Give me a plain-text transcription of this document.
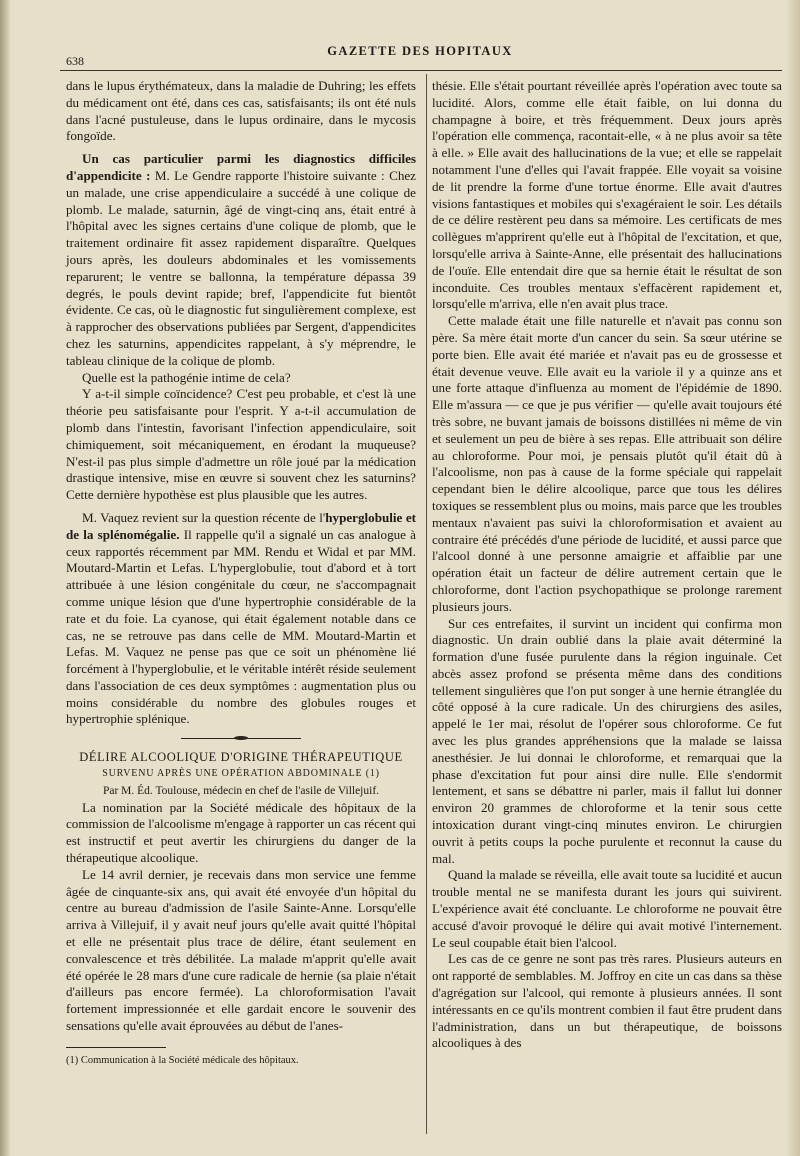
638
GAZETTE DES HOPITAUX

dans le lupus érythémateux, dans la maladie de Duhring; les effets du médicament ont été, dans ces cas, satisfaisants; ils ont été nuls dans l'acné pustuleuse, dans le lupus ordinaire, dans le mycosis fongoïde.

Un cas particulier parmi les diagnostics difficiles d'appendicite : M. Le Gendre rapporte l'histoire suivante : Chez un malade, une crise appendiculaire a succédé à une colique de plomb. Le malade, saturnin, âgé de vingt-cinq ans, était entré à l'hôpital avec les signes certains d'une colique de plomb, que le traitement ordinaire fit assez rapidement disparaître. Quelques jours après, les douleurs abdominales et les vomissements reparurent; le ventre se ballonna, la température dépassa 39 degrés, le pouls devint rapide; bref, l'appendicite fut bientôt évidente. Ce cas, où le diagnostic fut singulièrement complexe, est à rapprocher des observations publiées par Sergent, d'appendicites chez les saturnins, appendicites rappelant, à s'y méprendre, le tableau clinique de la colique de plomb.

Quelle est la pathogénie intime de cela?

Y a-t-il simple coïncidence? C'est peu probable, et c'est là une théorie peu satisfaisante pour l'esprit. Y a-t-il accumulation de plomb dans l'intestin, favorisant l'infection appendiculaire, soit chimiquement, soit mécaniquement, en érodant la muqueuse? N'est-il pas plus simple d'admettre un rôle joué par la médication drastique intensive, mise en œuvre si souvent chez les saturnins? Cette dernière hypothèse est plus plausible que les autres.

M. Vaquez revient sur la question récente de l'hyperglobulie et de la splénomégalie. Il rappelle qu'il a signalé un cas analogue à ceux rapportés récemment par MM. Rendu et Widal et par MM. Moutard-Martin et Lefas. L'hyperglobulie, tout d'abord et à tort attribuée à une lésion congénitale du cœur, ne s'accompagnait comme unique lésion que d'une hypertrophie considérable de la rate et du foie. La cyanose, qui était également notable dans ce cas, ne se retrouve pas dans celle de MM. Moutard-Martin et Lefas. M. Vaquez ne pense pas que ce soit un phénomène lié forcément à l'hyperglobulie, et le véritable intérêt réside seulement dans l'association de ces deux symptômes : augmentation plus ou moins considérable du nombre des globules rouges et hypertrophie splénique.

DÉLIRE ALCOOLIQUE D'ORIGINE THÉRAPEUTIQUE

SURVENU APRÈS UNE OPÉRATION ABDOMINALE (1)

Par M. Éd. Toulouse, médecin en chef de l'asile de Villejuif.

La nomination par la Société médicale des hôpitaux de la commission de l'alcoolisme m'engage à rapporter un cas récent qui est instructif et peut avertir les chirurgiens du danger de la thérapeutique alcoolique.

Le 14 avril dernier, je recevais dans mon service une femme âgée de cinquante-six ans, qui avait été envoyée d'un hôpital du centre au bureau d'admission de l'asile Sainte-Anne. Lorsqu'elle arriva à Villejuif, il y avait neuf jours qu'elle avait quitté l'hôpital et elle ne présentait plus trace de délire, étant seulement en convalescence et très débilitée. La malade m'apprit qu'elle avait été opérée le 28 mars d'une cure radicale de hernie (sa plaie n'était d'ailleurs pas encore fermée). La chloroformisation l'avait fortement impressionnée et elle gardait encore le souvenir des sensations qu'elle avait éprouvées au début de l'anes-

(1) Communication à la Société médicale des hôpitaux.

thésie. Elle s'était pourtant réveillée après l'opération avec toute sa lucidité. Alors, comme elle était faible, on lui donna du champagne à boire, et très fréquemment. Deux jours après l'opération elle commença, racontait-elle, « à ne plus avoir sa tête à elle. » Elle avait des hallucinations de la vue; et elle se rappelait notamment l'une d'elles qui l'avait frappée. Elle voyait sa voisine de lit prendre la forme d'une tortue énorme. Elle avait d'autres visions fantastiques et mobiles qui s'exagéraient le soir. Les détails de ce délire restèrent peu dans sa mémoire. Les certificats de mes collègues m'apprirent qu'elle eut à l'hôpital de l'excitation, et que, lorsqu'elle arriva à Sainte-Anne, elle présentait des hallucinations de l'ouïe. Elle entendait dire que sa hernie était le résultat de son inconduite. Ces troubles mentaux s'effacèrent rapidement et, lorsqu'elle m'arriva, elle n'en avait plus trace.

Cette malade était une fille naturelle et n'avait pas connu son père. Sa mère était morte d'un cancer du sein. Sa sœur utérine se porte bien. Elle avait été mariée et n'avait pas eu de grossesse et était devenue veuve. Elle avait eu la variole il y a quinze ans et une forte attaque d'influenza au moment de l'épidémie de 1890. Elle m'assura — ce que je pus vérifier — qu'elle avait toujours été très sobre, ne buvant jamais de boissons distillées ni même de vin et seulement un peu de bière à ses repas. Elle attribuait son délire au chloroforme. Pour moi, je pensais plutôt qu'il était dû à l'alcoolisme, non pas à cause de la forme spéciale qui rappelait cependant bien le délire alcoolique, parce que tous les délires toxiques se ressemblent plus ou moins, mais parce que les troubles mentaux n'avaient pas suivi la chloroformisation et avaient au contraire été précédés d'une période de lucidité, et aussi parce que l'alcool donné à une personne amaigrie et affaiblie par une opération était un facteur de délire autrement certain que le chloroforme, dont l'action psychopathique se prolonge rarement plusieurs jours.

Sur ces entrefaites, il survint un incident qui confirma mon diagnostic. Un drain oublié dans la plaie avait déterminé la formation d'une fusée purulente dans la région inguinale. Cet abcès assez profond se présenta même dans des conditions tellement singulières que l'on put songer à une hernie étranglée du côté opposé à la cure radicale. Un des chirurgiens des asiles, appelé le 1er mai, résolut de l'opérer sous chloroforme. Ce fut avec les plus grandes appréhensions que la malade se laissa anesthésier. Je lui donnai le chloroforme, et remarquai que la phase d'excitation fut pour ainsi dire nulle. Elle s'endormit lentement, et sans se débattre ni parler, mais il fallut lui donner environ 20 grammes de chloroforme et la tenir sous cette intoxication durant vingt-cinq minutes environ. Le chirurgien ouvrit à petits coups la poche purulente et reconnut la cause du mal.

Quand la malade se réveilla, elle avait toute sa lucidité et aucun trouble mental ne se manifesta durant les jours qui suivirent. L'expérience avait été concluante. Le chloroforme ne pouvait être accusé d'avoir provoqué le délire qui avait motivé l'internement. Le seul coupable était bien l'alcool.

Les cas de ce genre ne sont pas très rares. Plusieurs auteurs en ont rapporté de semblables. M. Joffroy en cite un cas dans sa thèse d'agrégation sur l'alcool, qui remonte à plusieurs années. Il sont intéressants en ce qu'ils montrent combien il faut être prudent dans l'administration, dans un but thérapeutique, de boissons alcooliques à des
